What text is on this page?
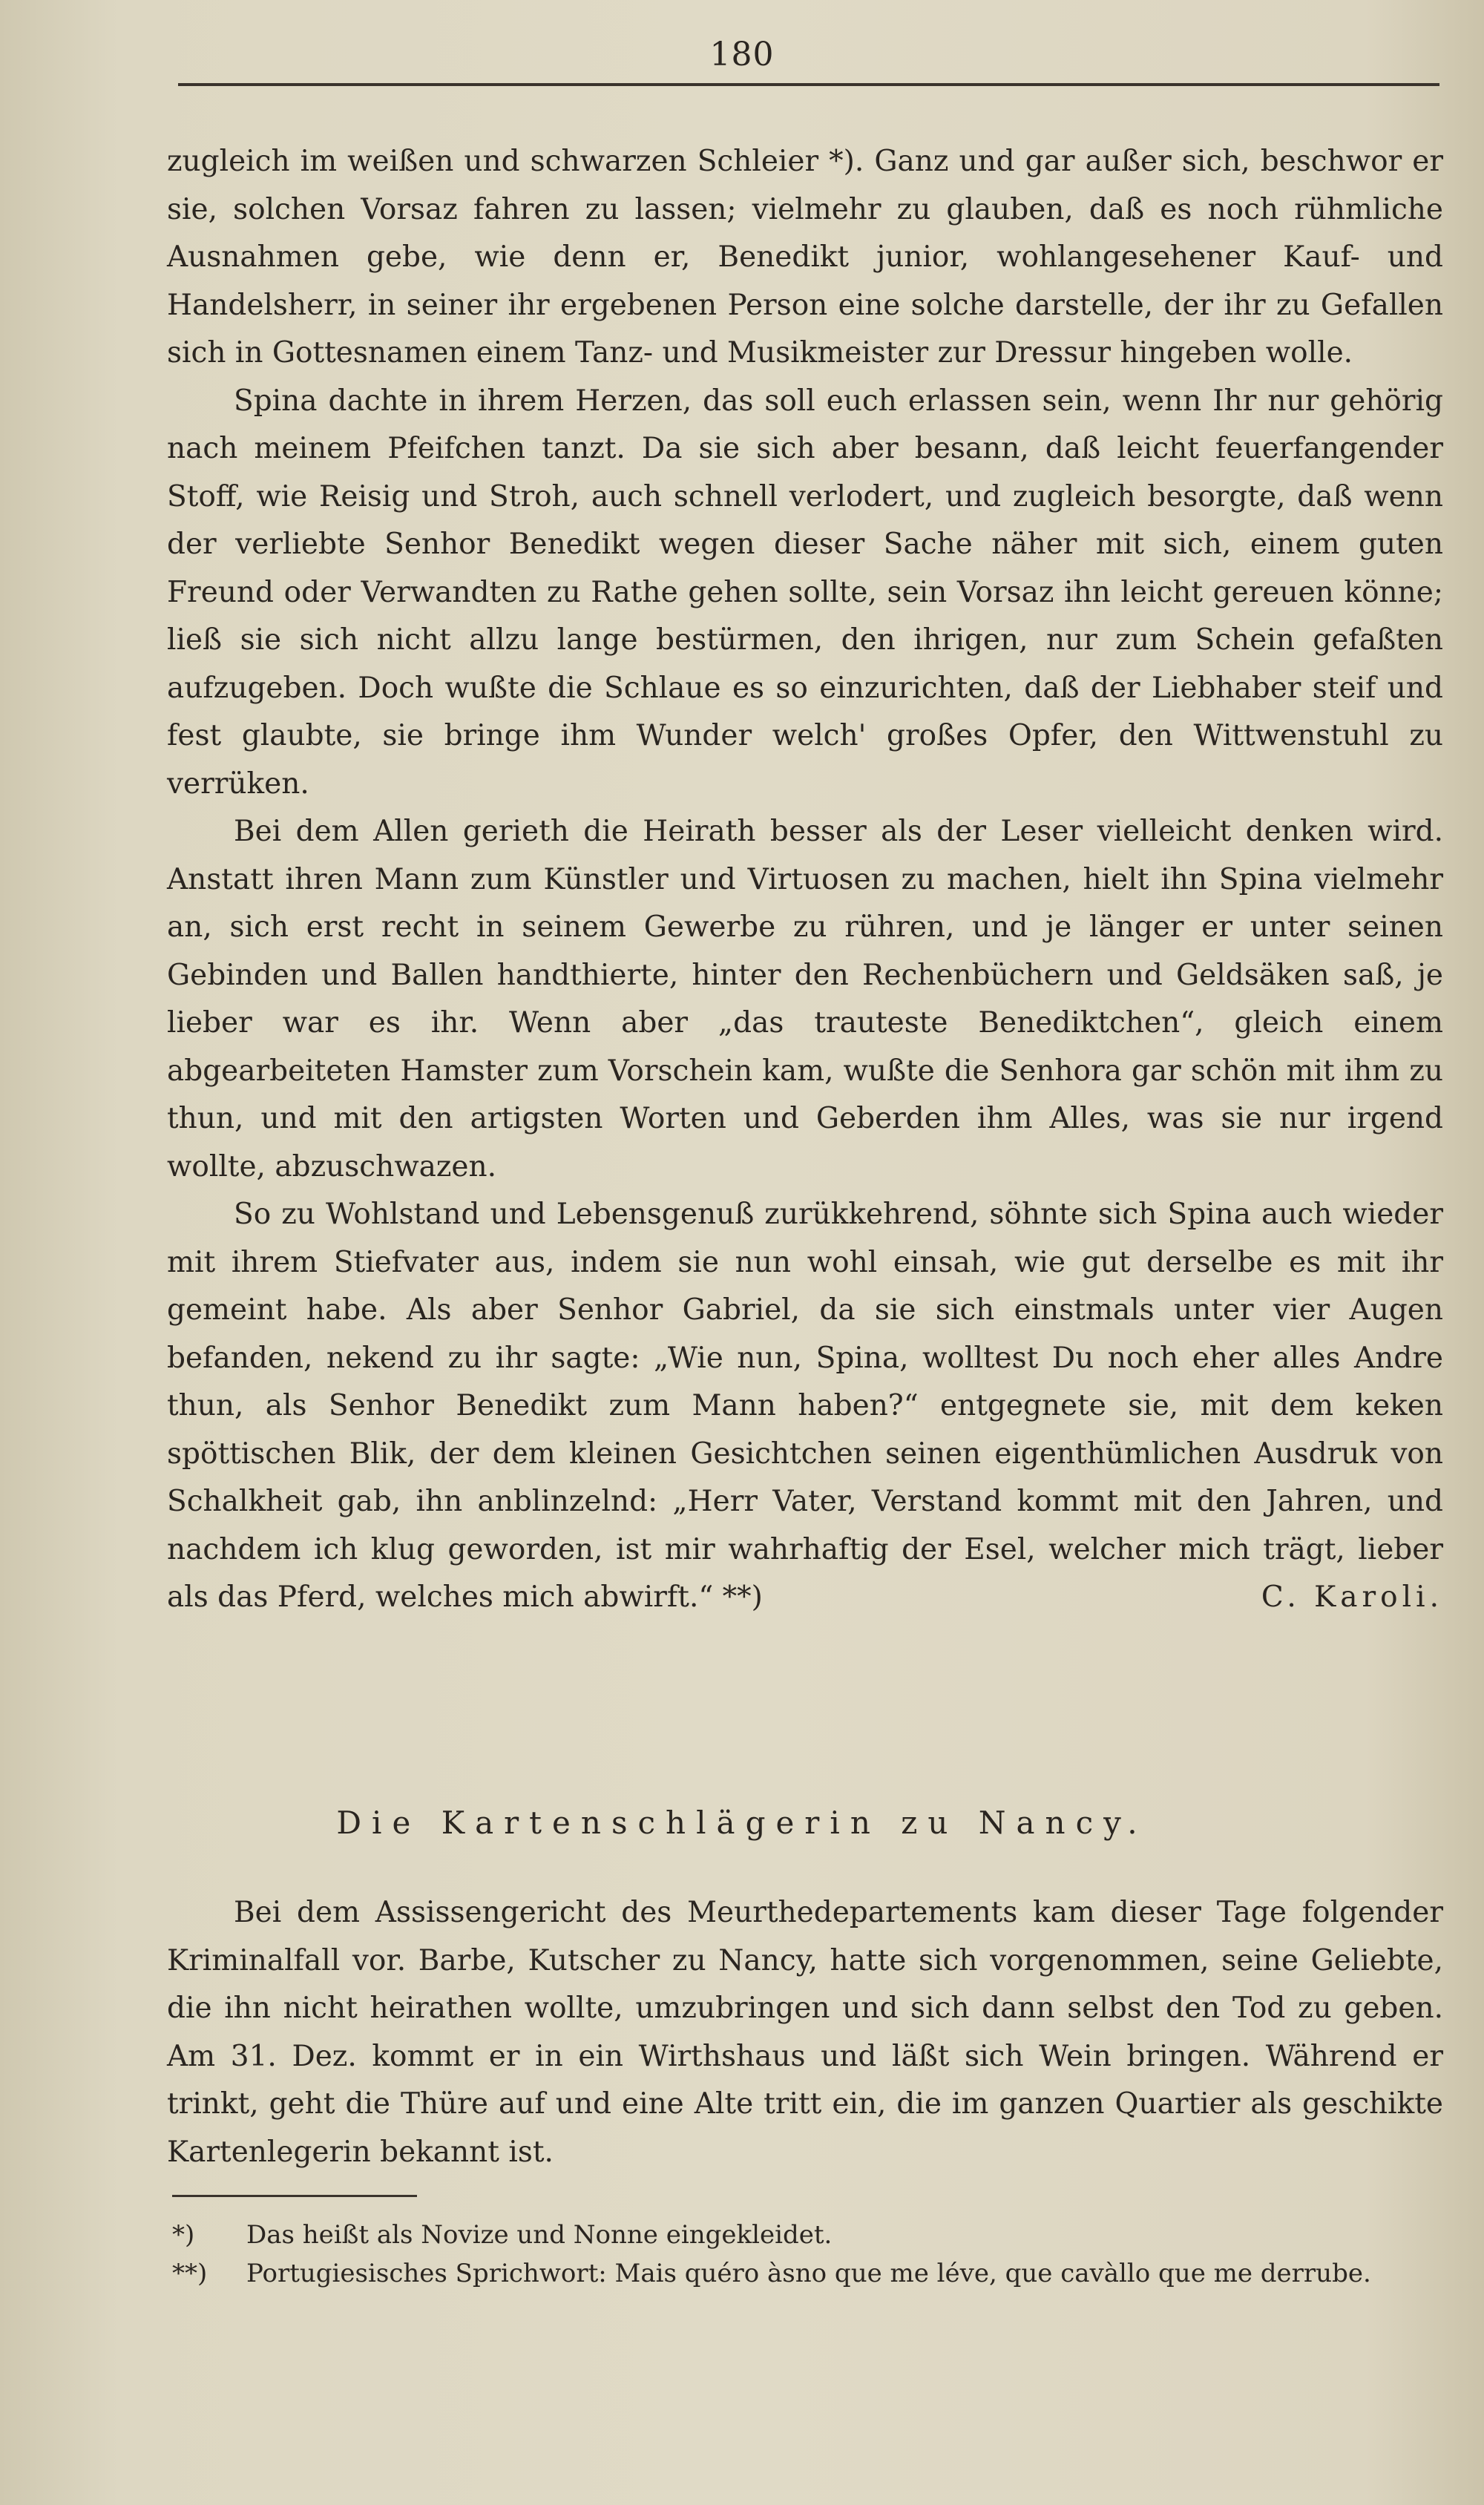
180

zugleich im weißen und schwarzen Schleier *). Ganz und gar außer sich, beschwor er sie, solchen Vorsaz fahren zu lassen; vielmehr zu glauben, daß es noch rühmliche Ausnahmen gebe, wie denn er, Benedikt junior, wohlangesehener Kauf- und Handelsherr, in seiner ihr ergebenen Person eine solche darstelle, der ihr zu Gefallen sich in Gottesnamen einem Tanz- und Musikmeister zur Dressur hingeben wolle.

Spina dachte in ihrem Herzen, das soll euch erlassen sein, wenn Ihr nur gehörig nach meinem Pfeifchen tanzt. Da sie sich aber besann, daß leicht feuerfangender Stoff, wie Reisig und Stroh, auch schnell verlodert, und zugleich besorgte, daß wenn der verliebte Senhor Benedikt wegen dieser Sache näher mit sich, einem guten Freund oder Verwandten zu Rathe gehen sollte, sein Vorsaz ihn leicht gereuen könne; ließ sie sich nicht allzu lange bestürmen, den ihrigen, nur zum Schein gefaßten aufzugeben. Doch wußte die Schlaue es so einzurichten, daß der Liebhaber steif und fest glaubte, sie bringe ihm Wunder welch' großes Opfer, den Wittwenstuhl zu verrüken.

Bei dem Allen gerieth die Heirath besser als der Leser vielleicht denken wird. Anstatt ihren Mann zum Künstler und Virtuosen zu machen, hielt ihn Spina vielmehr an, sich erst recht in seinem Gewerbe zu rühren, und je länger er unter seinen Gebinden und Ballen handthierte, hinter den Rechenbüchern und Geldsäken saß, je lieber war es ihr. Wenn aber „das trauteste Benediktchen“, gleich einem abgearbeiteten Hamster zum Vorschein kam, wußte die Senhora gar schön mit ihm zu thun, und mit den artigsten Worten und Geberden ihm Alles, was sie nur irgend wollte, abzuschwazen.

So zu Wohlstand und Lebensgenuß zurükkehrend, söhnte sich Spina auch wieder mit ihrem Stiefvater aus, indem sie nun wohl einsah, wie gut derselbe es mit ihr gemeint habe. Als aber Senhor Gabriel, da sie sich einstmals unter vier Augen befanden, nekend zu ihr sagte: „Wie nun, Spina, wolltest Du noch eher alles Andre thun, als Senhor Benedikt zum Mann haben?“ entgegnete sie, mit dem keken spöttischen Blik, der dem kleinen Gesichtchen seinen eigenthümlichen Ausdruk von Schalkheit gab, ihn anblinzelnd: „Herr Vater, Verstand kommt mit den Jahren, und nachdem ich klug geworden, ist mir wahrhaftig der Esel, welcher mich trägt, lieber als das Pferd, welches mich abwirft.“ **)	C. Karoli.

Die Kartenschlägerin zu Nancy.

Bei dem Assissengericht des Meurthedepartements kam dieser Tage folgender Kriminalfall vor. Barbe, Kutscher zu Nancy, hatte sich vorgenommen, seine Geliebte, die ihn nicht heirathen wollte, umzubringen und sich dann selbst den Tod zu geben. Am 31. Dez. kommt er in ein Wirthshaus und läßt sich Wein bringen. Während er trinkt, geht die Thüre auf und eine Alte tritt ein, die im ganzen Quartier als geschikte Kartenlegerin bekannt ist.

*) Das heißt als Novize und Nonne eingekleidet.

**) Portugiesisches Sprichwort: Mais quéro àsno que me léve, que cavàllo que me derrube.
